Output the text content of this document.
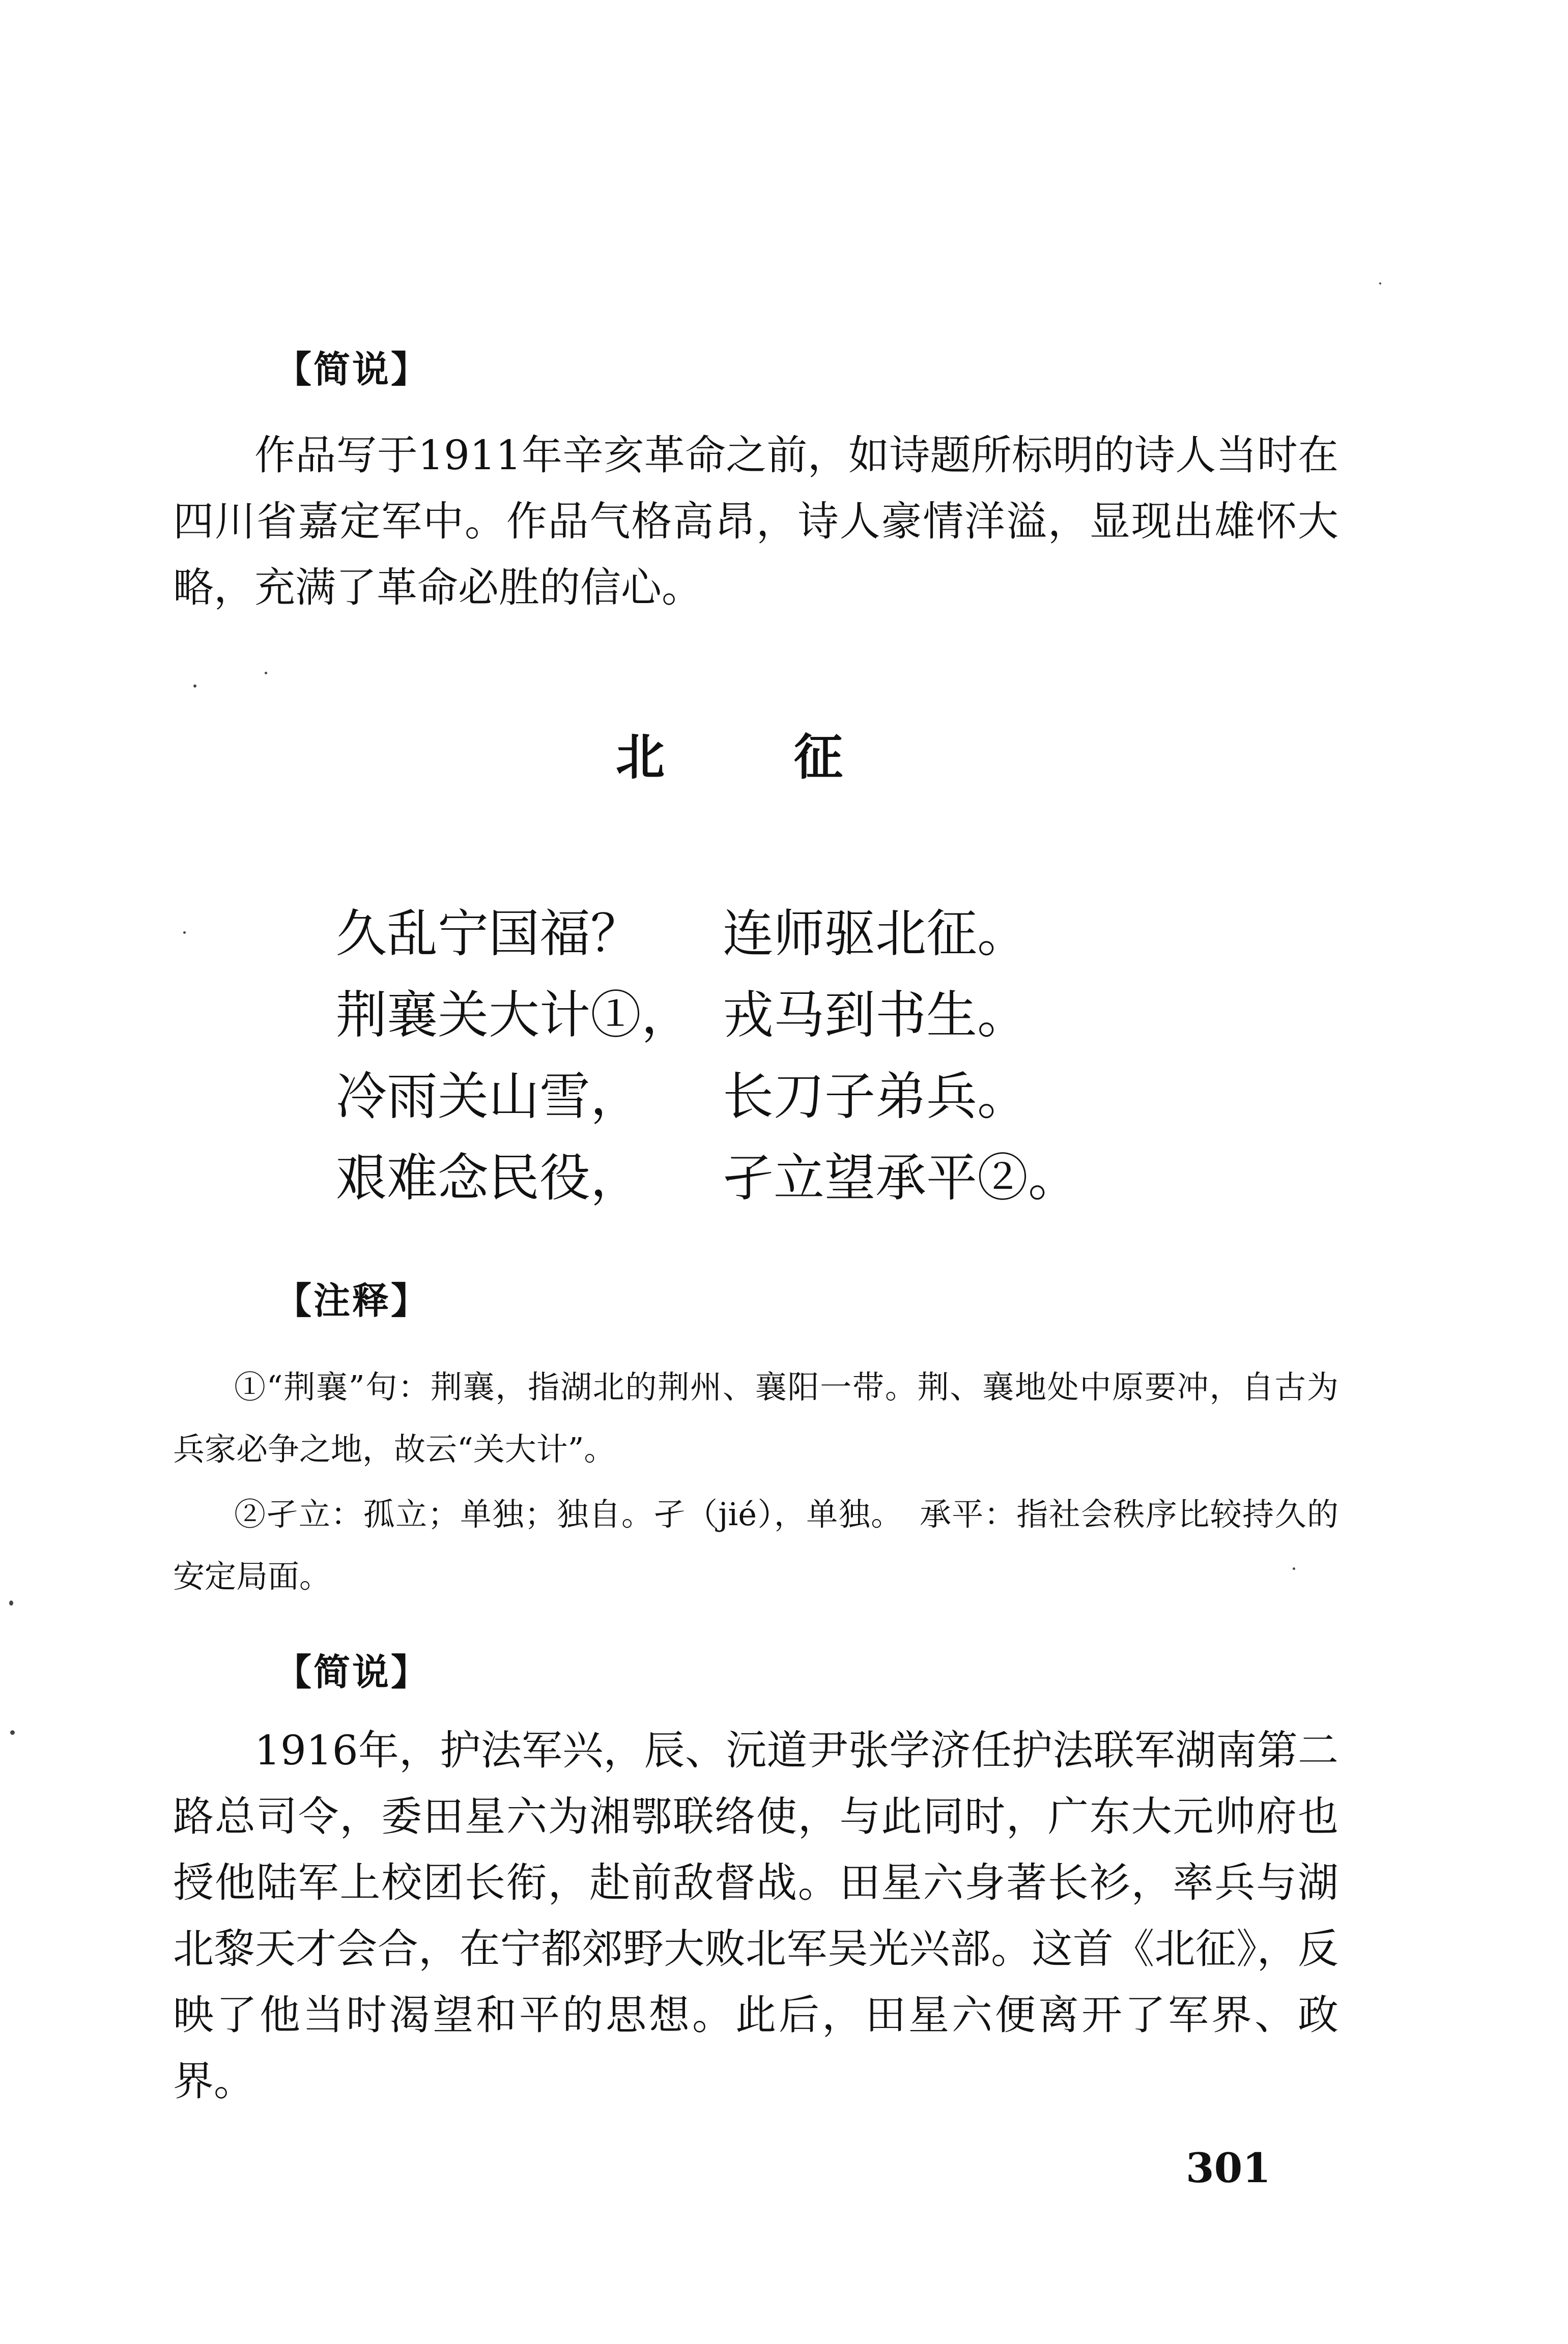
【简说】
作品写于1911年辛亥革命之前，如诗题所标明的诗人当时在四川省嘉定军中。作品气格高昂，诗人豪情洋溢，显现出雄怀大略，充满了革命必胜的信心。
北	征
久乱宁国福？ 连师驱北征。
荆襄关大计①， 戎马到书生。
冷雨关山雪， 长刀子弟兵。
艰难念民役， 孑立望承平②。
【注释】
①“荆襄”句：荆襄，指湖北的荆州、襄阳一带。荆、襄地处中原要冲，自古为兵家必争之地，故云“关大计”。
②孑立：孤立；单独；独自。孑（jié），单独。　承平：指社会秩序比较持久的安定局面。
【简说】
1916年，护法军兴，辰、沅道尹张学济任护法联军湖南第二路总司令，委田星六为湘鄂联络使，与此同时，广东大元帅府也授他陆军上校团长衔，赴前敌督战。田星六身著长衫，率兵与湖北黎天才会合，在宁都郊野大败北军吴光兴部。这首《北征》，反映了他当时渴望和平的思想。此后，田星六便离开了军界、政界。
301
